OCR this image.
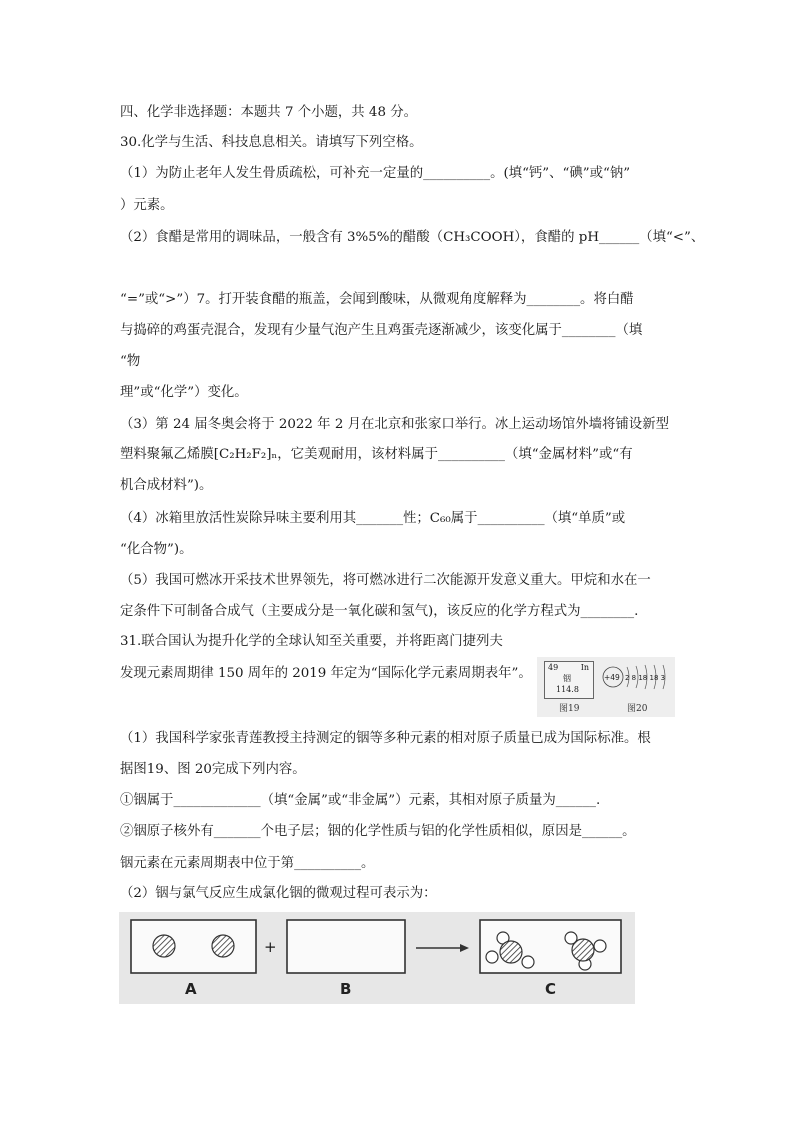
四、化学非选择题：本题共 7 个小题，共 48 分。
30.化学与生活、科技息息相关。请填写下列空格。
（1）为防止老年人发生骨质疏松，可补充一定量的__________。(填“钙”、“碘”或“钠”
）元素。
（2）食醋是常用的调味品，一般含有 3%5%的醋酸（CH₃COOH），食醋的 pH______（填“<”、
“=”或“>”）7。打开装食醋的瓶盖，会闻到酸味，从微观角度解释为________。将白醋
与捣碎的鸡蛋壳混合，发现有少量气泡产生且鸡蛋壳逐渐减少，该变化属于________（填
“物
理”或“化学”）变化。
（3）第 24 届冬奥会将于 2022 年 2 月在北京和张家口举行。冰上运动场馆外墙将铺设新型
塑料聚氟乙烯膜[C₂H₂F₂]ₙ，它美观耐用，该材料属于__________（填“金属材料”或“有
机合成材料”)。
（4）冰箱里放活性炭除异味主要利用其_______性；C₆₀属于__________（填“单质”或
“化合物”)。
（5）我国可燃冰开采技术世界领先，将可燃冰进行二次能源开发意义重大。甲烷和水在一
定条件下可制备合成气（主要成分是一氧化碳和氢气)，该反应的化学方程式为________.
31.联合国认为提升化学的全球认知至关重要，并将距离门捷列夫
发现元素周期律 150 周年的 2019 年定为“国际化学元素周期表年”。 49	In
铟
114.8
+49 2 8 18 18 3
图19	图20
（1）我国科学家张青莲教授主持测定的铟等多种元素的相对原子质量已成为国际标准。根
据图19、图 20完成下列内容。
①铟属于_____________（填“金属”或“非金属”）元素，其相对原子质量为______.
②铟原子核外有_______个电子层；铟的化学性质与铝的化学性质相似，原因是______。
铟元素在元素周期表中位于第__________。
（2）铟与氯气反应生成氯化铟的微观过程可表示为：
+
A	B	C
